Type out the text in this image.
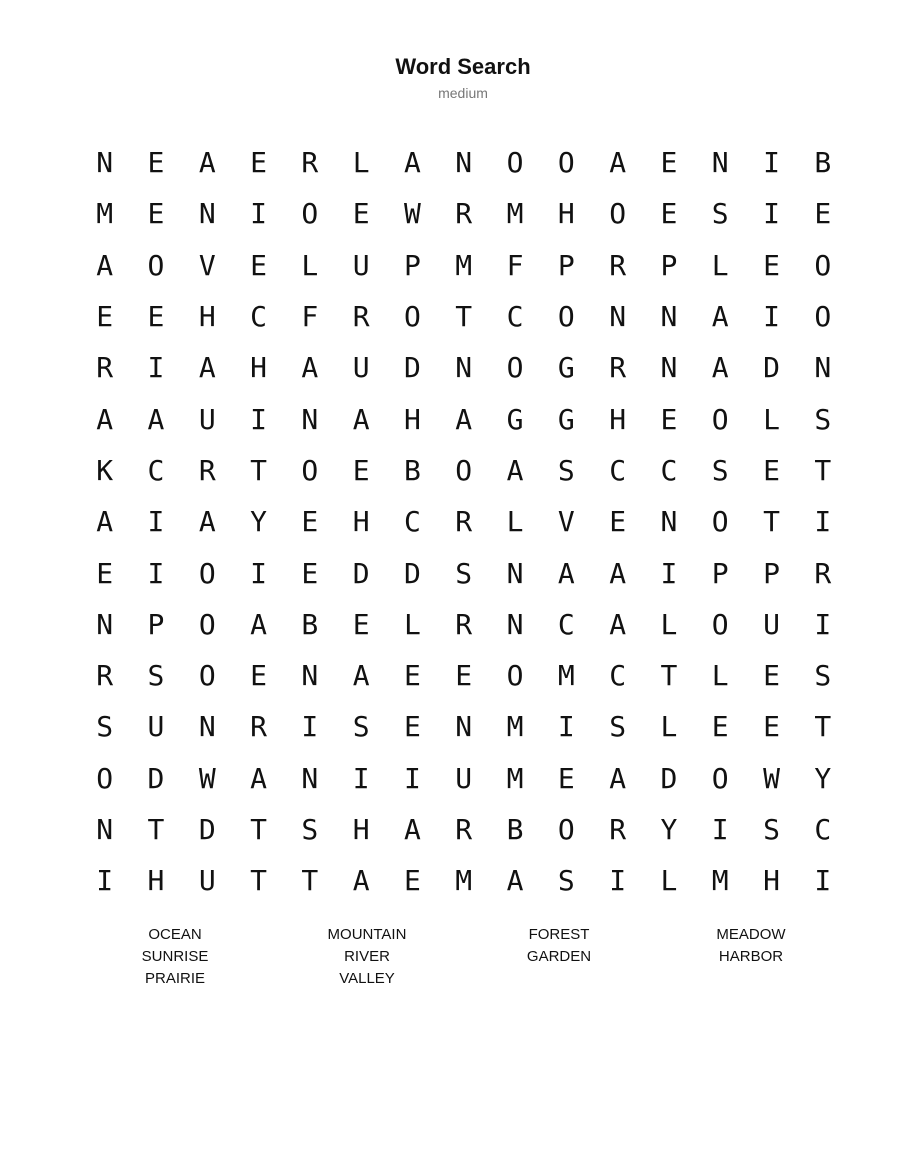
Word Search
medium
N	E	A	E	R	L	A	N	O	O	A	E	N	I	B
M	E	N	I	O	E	W	R	M	H	O	E	S	I	E
A	O	V	E	L	U	P	M	F	P	R	P	L	E	O
E	E	H	C	F	R	O	T	C	O	N	N	A	I	O
R	I	A	H	A	U	D	N	O	G	R	N	A	D	N
A	A	U	I	N	A	H	A	G	G	H	E	O	L	S
K	C	R	T	O	E	B	O	A	S	C	C	S	E	T
A	I	A	Y	E	H	C	R	L	V	E	N	O	T	I
E	I	O	I	E	D	D	S	N	A	A	I	P	P	R
N	P	O	A	B	E	L	R	N	C	A	L	O	U	I
R	S	O	E	N	A	E	E	O	M	C	T	L	E	S
S	U	N	R	I	S	E	N	M	I	S	L	E	E	T
O	D	W	A	N	I	I	U	M	E	A	D	O	W	Y
N	T	D	T	S	H	A	R	B	O	R	Y	I	S	C
I	H	U	T	T	A	E	M	A	S	I	L	M	H	I
OCEAN	MOUNTAIN	FOREST	MEADOW
SUNRISE	RIVER	GARDEN	HARBOR
PRAIRIE	VALLEY
